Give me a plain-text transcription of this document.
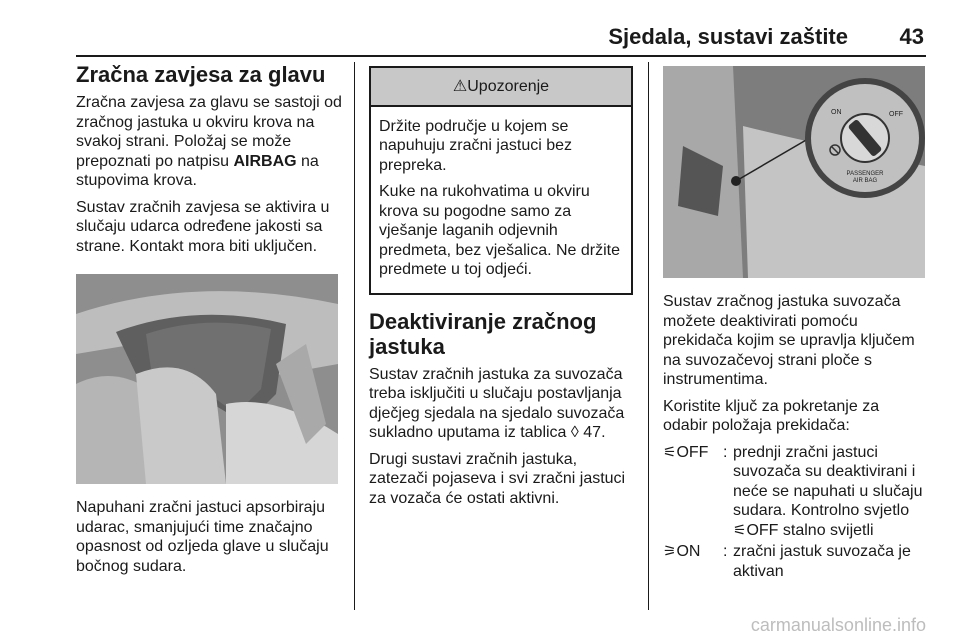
Sjedala, sustavi zaštite 43
Zračna zavjesa za glavu

Zračna zavjesa za glavu se sastoji od zračnog jastuka u okviru krova na svakoj strani. Položaj se može prepoznati po natpisu AIRBAG na stupovima krova.

Sustav zračnih zavjesa se aktivira u slučaju udarca određene jakosti sa strane. Kontakt mora biti uključen.

Napuhani zračni jastuci apsorbiraju udarac, smanjujući time značajno opasnost od ozljeda glave u slučaju bočnog sudara.

⚠Upozorenje

Držite područje u kojem se napuhuju zračni jastuci bez prepreka.

Kuke na rukohvatima u okviru krova su pogodne samo za vješanje laganih odjevnih predmeta, bez vješalica. Ne držite predmete u toj odjeći.

Deaktiviranje zračnog jastuka

Sustav zračnih jastuka za suvozača treba isključiti u slučaju postavljanja dječjeg sjedala na sjedalo suvozača sukladno uputama iz tablica ◊ 47.

Drugi sustavi zračnih jastuka, zatezači pojaseva i svi zračni jastuci za vozača će ostati aktivni.

OFF
ON
PASSENGER
AIR BAG

Sustav zračnog jastuka suvozača možete deaktivirati pomoću prekidača kojim se upravlja ključem na suvozačevoj strani ploče s instrumentima.

Koristite ključ za pokretanje za odabir položaja prekidača:

⚟OFF : prednji zračni jastuci suvozača su deaktivirani i neće se napuhati u slučaju sudara. Kontrolno svjetlo ⚟OFF stalno svijetli
⚞ON	: zračni jastuk suvozača je aktivan
carmanualsonline.info
